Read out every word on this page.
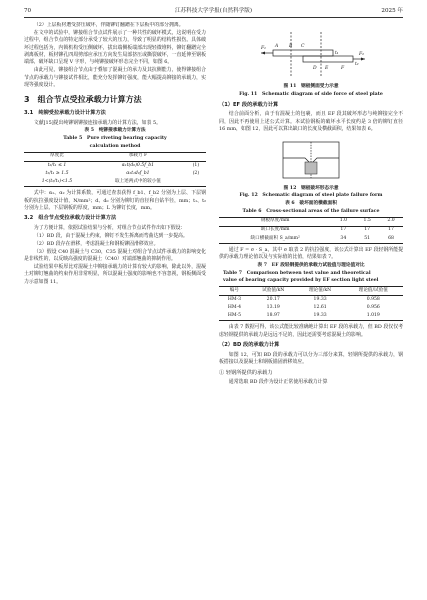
70	江苏科技大学学报(自然科学版)	2025 年

（2）上层板材遭受挤压破坏，伴随铆钉翻蹭在下层板中的部分拥离。

在文中的试验中，铆接组合节点试件展示了一种共性的破坏模式，这说明在受力过程中，组合节点的特定部分承受了较大的压力，导致了明显的结构性损伤。具体破坏过程包括为，内锁机构受压侧破坏，拔出端侧板端部出现轻微堆料，铆钉翻蹭完全剥离板材，板材铆孔四周剪部应承压方向发生局部挤压或撕裂破坏，一直延伸至钢板端部，破坏缺口呈现 V 字形，与纯铆接破坏形态完全不同，如图 6。

由此可见，铆接组合节点由于叠加了混凝土的承力及其抗侧能力，使得铆接组合节点的承载力与铆接试件相比，能充分发挥铆钉强度，能大幅提高铆接的承载力，实现等强度设计。

3　组合节点受拉承载力计算方法
3.1　纯铆受拉承载力设计计算方法

文献[15]提出纯铆钢铆接连接承载力的计算方法，如表 5。

表 5　纯铆接承载力计算方法
Table 5　Pure riveting bearing capacity
calculation method
厚度比	承载力 F	
t₂/t₁ ≤ 1	α₁t(d₀)0.5f_b1	(1)
t₂/t₁ ≥ 1.5	α₂t₁d₀f_b1	(2)
1<(t₂/t₁)<1.5	取上述两式中的较小值	

式中：α₁、α₂ 为计算系数，可通过查表获得 f_b1、f_b2 分别为上层、下层钢板的抗拉强度设计值，N/mm²；d、d₀ 分别为铆钉的直径和自钻半径，mm；t₁、t₂ 分别为上层、下层钢板的厚度，mm；L 为铆钉长度，mm。

3.2　组合节点受拉承载力设计计算方法

为了方便计算，依据试验结果与分析，对组合节点试件作出如下假设：

（1）BD 段，由于混凝土约束，铆钉不发生拆离而弯曲达到一步提高。

（2）BD 段存在滑移，考虑混凝土和钢板铆固滑移效应。

（3）假设 C40 混凝土与 C30，C35 混凝土对组合节点试件承载力的影响变化是非线性的，以反映高强度的混凝土（C40）对端部翘曲的抑制作用。

试验结果中板厚比对混凝土中铆接承载力的计算有较大的影响，除此以外，混凝土对铆钉翘曲的约束作用非常明显，所以混凝土强度的影响也不容忽视，钢板侧面受力示意如图 11。

F₁
F₂
t₁
t₂
A B C
D E	F
图 11　钢板侧面受力示意
Fig. 11　Schematic diagram of side force of steel plate
（1）EF 段的承载力计算

结合前面分析，由于有混凝土的包裹，而且 EF 段其破坏形态与纯铆接完全不同，因此不再使用上述公式计算。本试验钢板的破坏水平长度约是 3 倍的铆钉直径 16 mm，如图 12，因此可以算出缺口的长度及横截面积，结果如表 6。

图 12　钢板破坏形态示意
Fig. 12　Schematic diagram of steel plate failure form
表 6　破坏面的横截面积
Table 6　Cross-sectional areas of the failure surface
钢板厚度/mm	1.0	1.5	2.0
缺口长度/mm	17	17	17
缺口横截面积 S_a/mm²	34	51	68

通过 F = σ · S_a，其中 σ 取表 2 的抗拉强度，该公式计算出 EF 段轻钢所能提供的承载力理论值以及与实际值的比值，结果如表 7。

表 7　EF 段轻钢提供的承载力试验值与理论值对比
Table 7　Comparison between test value and theoretical
value of bearing capacity provided by EF section light steel
编号	试验值/kN	理论值/kN	理论值/试验值
HM-3	20.17	19.33	0.958
HM-4	13.19	12.61	0.956
HM-5	18.97	19.33	1.019

由表 7 数据可得，该公式能比较准确地计算出 EF 段的承载力，但 BD 段仅仅考虑轻钢提供的承载力是远远不足的，因此还需要考虑混凝土的影响。

（2）BD 段的承载力计算

如图 12，可知 BD 段的承载力可以分为三部分来算，轻钢所提供的承载力，钢板搭接以及混凝土和钢板锚固滑移效应。

① 轻钢所提供的承载力

通常选取 BD 段作为设计正常使用承载力计算
